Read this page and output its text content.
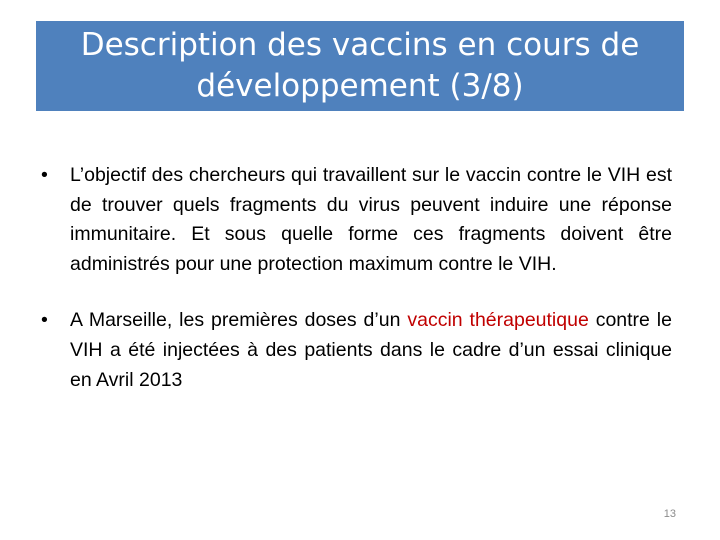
Description des vaccins en cours de
développement (3/8)
• L’objectif des chercheurs qui travaillent sur le vaccin contre le VIH est de trouver quels fragments du virus peuvent induire une réponse immunitaire. Et sous quelle forme ces fragments doivent être administrés pour une protection maximum contre le VIH.
• A Marseille, les premières doses d’un vaccin thérapeutique contre le VIH a été injectées à des patients dans le cadre d’un essai clinique en Avril 2013
13
